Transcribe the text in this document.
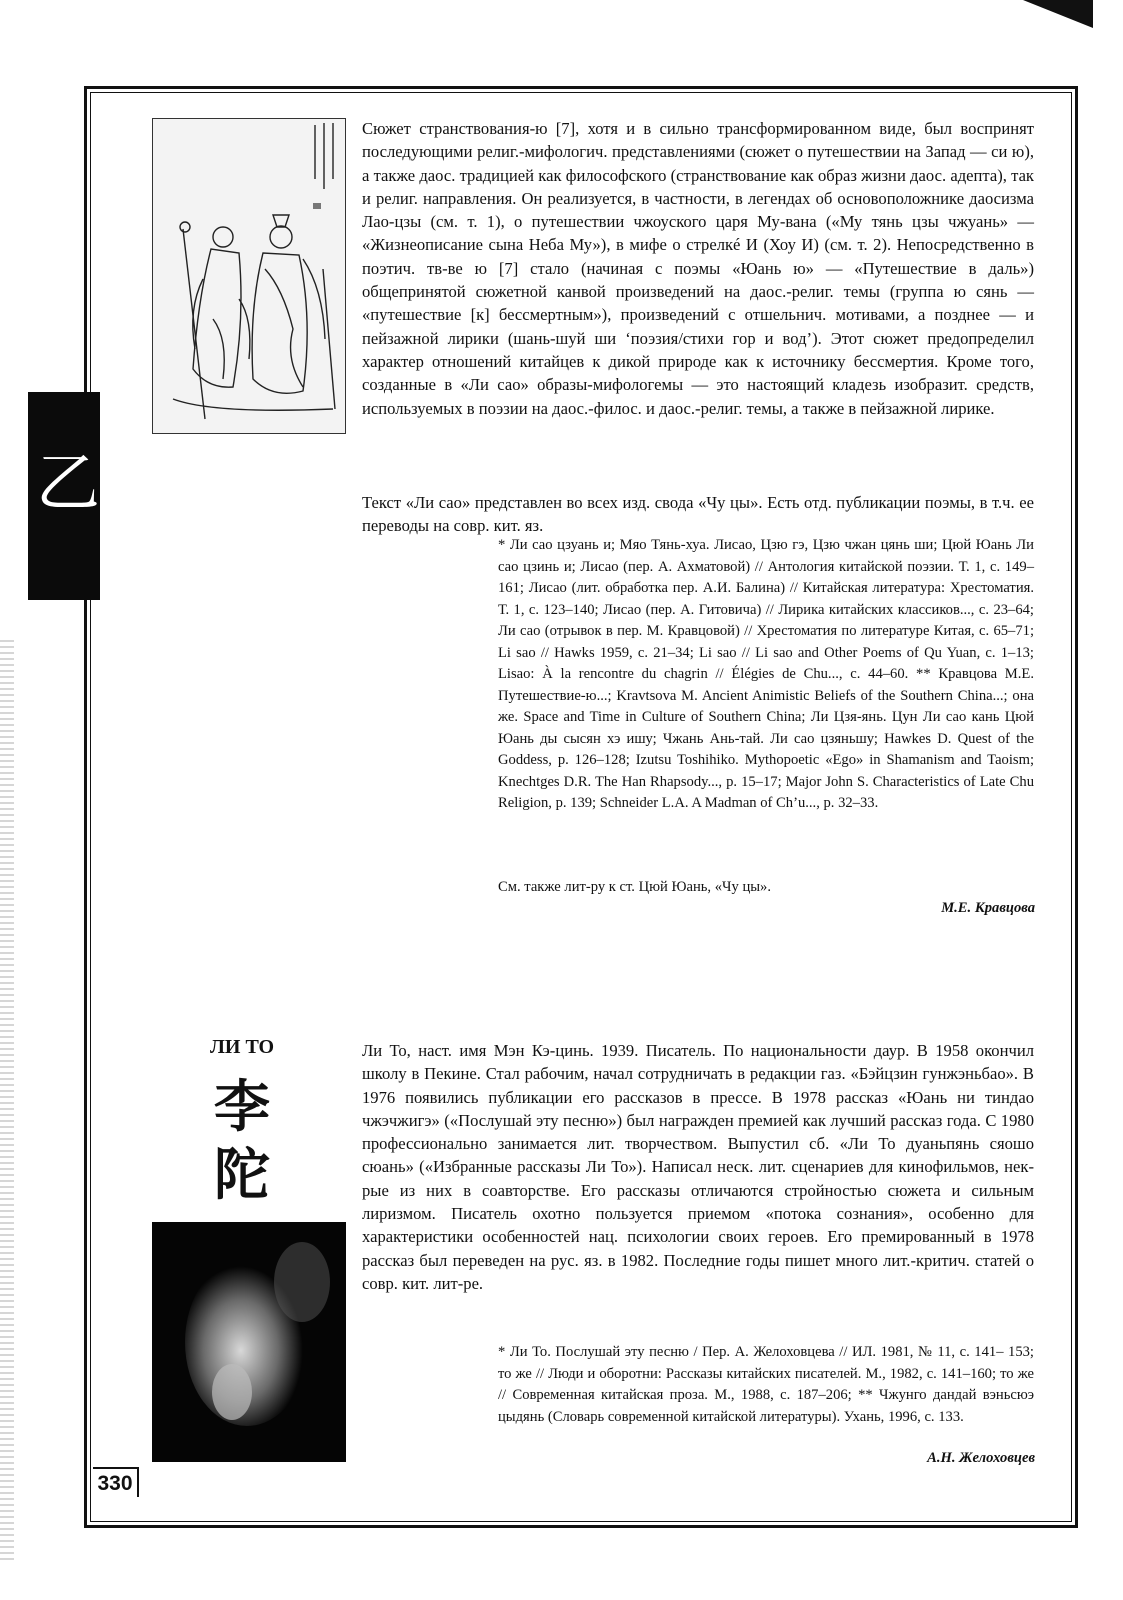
乙

Сюжет странствования-ю [7], хотя и в сильно трансформированном виде, был воспринят последующими религ.-мифологич. представлениями (сюжет о путешествии на Запад — си ю), а также даос. традицией как философского (странствование как образ жизни даос. адепта), так и религ. направления. Он реализуется, в частности, в легендах об основоположнике даосизма Лао-цзы (см. т. 1), о путешествии чжоуского царя Му-вана («Му тянь цзы чжуань» — «Жизнеописание сына Неба Му»), в мифе о стрелкé И (Хоу И) (см. т. 2). Непосредственно в поэтич. тв-ве ю [7] стало (начиная с поэмы «Юань ю» — «Путешествие в даль») общепринятой сюжетной канвой произведений на даос.-религ. темы (группа ю сянь — «путешествие [к] бессмертным»), произведений с отшельнич. мотивами, а позднее — и пейзажной лирики (шань-шуй ши ‘поэзия/стихи гор и вод’). Этот сюжет предопределил характер отношений китайцев к дикой природе как к источнику бессмертия. Кроме того, созданные в «Ли сао» образы-мифологемы — это настоящий кладезь изобразит. средств, используемых в поэзии на даос.-филос. и даос.-религ. темы, а также в пейзажной лирике.

Текст «Ли сао» представлен во всех изд. свода «Чу цы». Есть отд. публикации поэмы, в т.ч. ее переводы на совр. кит. яз.

* Ли сао цзуань и; Мяо Тянь-хуа. Лисао, Цзю гэ, Цзю чжан цянь ши; Цюй Юань Ли сао цзинь и; Лисао (пер. А. Ахматовой) // Антология китайской поэзии. Т. 1, с. 149–161; Лисао (лит. обработка пер. А.И. Балина) // Китайская литература: Хрестоматия. Т. 1, с. 123–140; Лисао (пер. А. Гитовича) // Лирика китайских классиков..., с. 23–64; Ли сао (отрывок в пер. М. Кравцовой) // Хрестоматия по литературе Китая, с. 65–71; Li sao // Hawks 1959, с. 21–34; Li sao // Li sao and Other Poems of Qu Yuan, с. 1–13; Lisao: À la rencontre du chagrin // Élégies de Chu..., с. 44–60. ** Кравцова М.Е. Путешествие-ю...; Kravtsova M. Ancient Animistic Beliefs of the Southern China...; она же. Space and Time in Culture of Southern China; Ли Цзя-янь. Цун Ли сао кань Цюй Юань ды сысян хэ ишу; Чжань Ань-тай. Ли сао цзяньшу; Hawkes D. Quest of the Goddess, p. 126–128; Izutsu Toshihiko. Mythopoetic «Ego» in Shamanism and Taoism; Knechtges D.R. The Han Rhapsody..., p. 15–17; Major John S. Characteristics of Late Chu Religion, p. 139; Schneider L.A. A Madman of Ch’u..., p. 32–33.

См. также лит-ру к ст. Цюй Юань, «Чу цы».

М.Е. Кравцова
ЛИ ТО
李
陀

Ли То, наст. имя Мэн Кэ-цинь. 1939. Писатель. По национальности даур. В 1958 окончил школу в Пекине. Стал рабочим, начал сотрудничать в редакции газ. «Бэйцзин гунжэньбао». В 1976 появились публикации его рассказов в прессе. В 1978 рассказ «Юань ни тиндао чжэчжигэ» («Послушай эту песню») был награжден премией как лучший рассказ года. С 1980 профессионально занимается лит. творчеством. Выпустил сб. «Ли То дуаньпянь сяошо сюань» («Избранные рассказы Ли То»). Написал неск. лит. сценариев для кинофильмов, нек-рые из них в соавторстве. Его рассказы отличаются стройностью сюжета и сильным лиризмом. Писатель охотно пользуется приемом «потока сознания», особенно для характеристики особенностей нац. психологии своих героев. Его премированный в 1978 рассказ был переведен на рус. яз. в 1982. Последние годы пишет много лит.-критич. статей о совр. кит. лит-ре.

* Ли То. Послушай эту песню / Пер. А. Желоховцева // ИЛ. 1981, № 11, с. 141– 153; то же // Люди и оборотни: Рассказы китайских писателей. М., 1982, с. 141–160; то же // Современная китайская проза. М., 1988, с. 187–206; ** Чжунго дандай вэньсюэ цыдянь (Словарь современной китайской литературы). Ухань, 1996, с. 133.

А.Н. Желоховцев
330
